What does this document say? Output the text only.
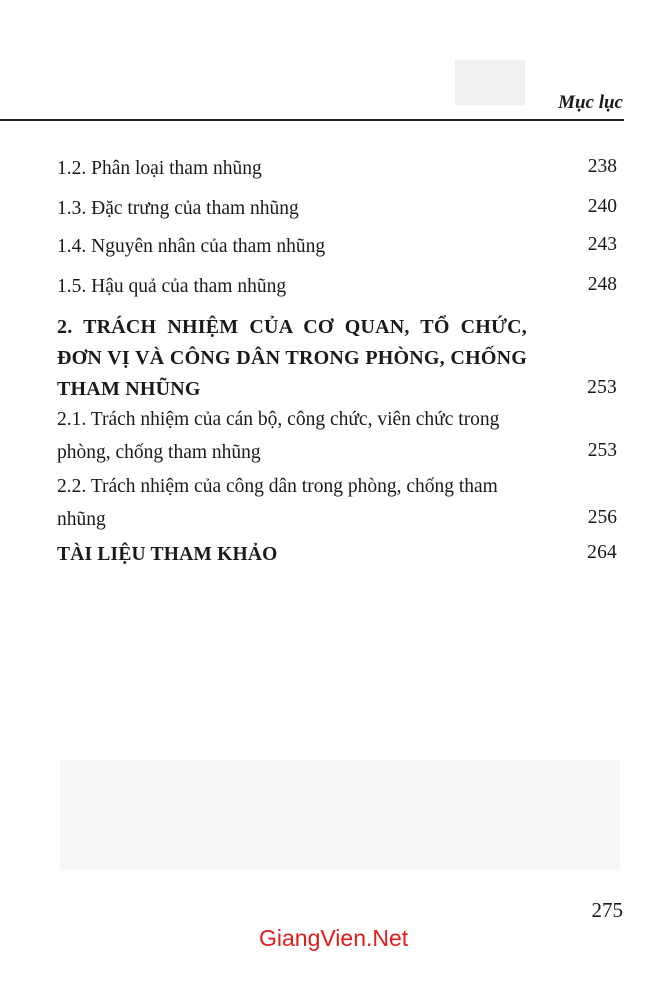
Mục lục
1.2. Phân loại tham nhũng	238
1.3. Đặc trưng của tham nhũng	240
1.4. Nguyên nhân của tham nhũng	243
1.5. Hậu quả của tham nhũng	248
2. TRÁCH NHIỆM CỦA CƠ QUAN, TỔ CHỨC, ĐƠN VỊ VÀ CÔNG DÂN TRONG PHÒNG, CHỐNG THAM NHŨNG	253
2.1. Trách nhiệm của cán bộ, công chức, viên chức trong phòng, chống tham nhũng	253
2.2. Trách nhiệm của công dân trong phòng, chống tham nhũng	256
TÀI LIỆU THAM KHẢO	264
275
GiangVien.Net
